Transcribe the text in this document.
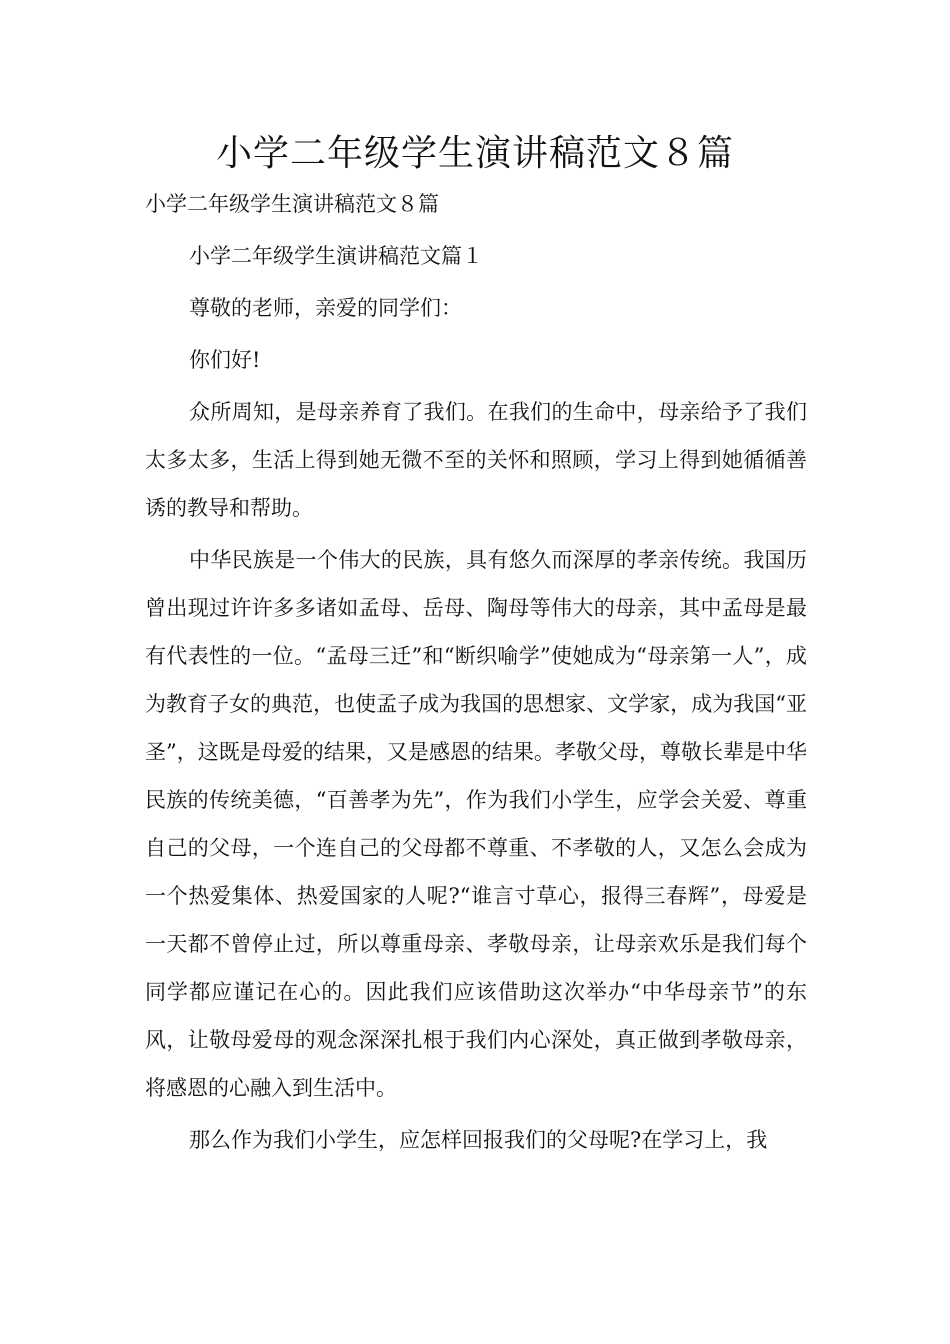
小学二年级学生演讲稿范文８篇

小学二年级学生演讲稿范文８篇

小学二年级学生演讲稿范文篇１

尊敬的老师，亲爱的同学们：

你们好!

众所周知，是母亲养育了我们。在我们的生命中，母亲给予了我们太多太多，生活上得到她无微不至的关怀和照顾，学习上得到她循循善诱的教导和帮助。

中华民族是一个伟大的民族，具有悠久而深厚的孝亲传统。我国历曾出现过许许多多诸如孟母、岳母、陶母等伟大的母亲，其中孟母是最有代表性的一位。“孟母三迁”和“断织喻学”使她成为“母亲第一人”，成为教育子女的典范，也使孟子成为我国的思想家、文学家，成为我国“亚圣”，这既是母爱的结果，又是感恩的结果。孝敬父母，尊敬长辈是中华民族的传统美德，“百善孝为先”，作为我们小学生，应学会关爱、尊重自己的父母，一个连自己的父母都不尊重、不孝敬的人，又怎么会成为一个热爱集体、热爱国家的人呢?“谁言寸草心，报得三春辉”，母爱是一天都不曾停止过，所以尊重母亲、孝敬母亲，让母亲欢乐是我们每个同学都应谨记在心的。因此我们应该借助这次举办“中华母亲节”的东风，让敬母爱母的观念深深扎根于我们内心深处，真正做到孝敬母亲，将感恩的心融入到生活中。

那么作为我们小学生，应怎样回报我们的父母呢?在学习上，我
